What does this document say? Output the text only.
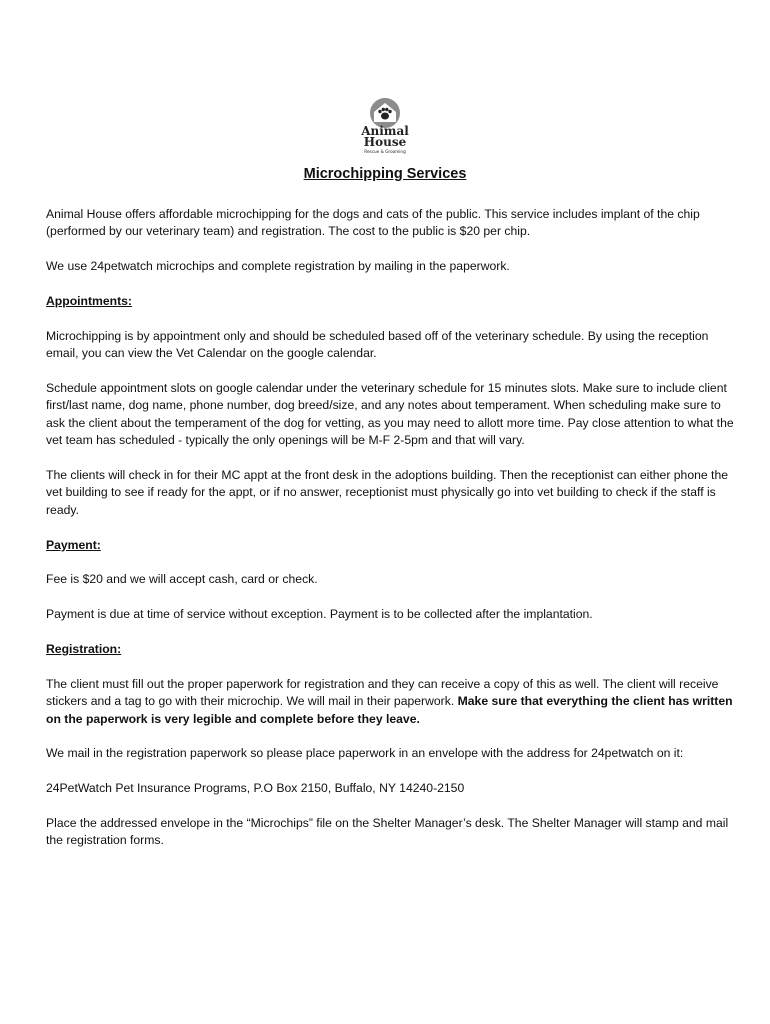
Animal
House
Rescue & Grooming
Microchipping Services

Animal House offers affordable microchipping for the dogs and cats of the public. This service includes implant of the chip (performed by our veterinary team) and registration. The cost to the public is $20 per chip.

We use 24petwatch microchips and complete registration by mailing in the paperwork.

Appointments:

Microchipping is by appointment only and should be scheduled based off of the veterinary schedule. By using the reception email, you can view the Vet Calendar on the google calendar.

Schedule appointment slots on google calendar under the veterinary schedule for 15 minutes slots. Make sure to include client first/last name, dog name, phone number, dog breed/size, and any notes about temperament. When scheduling make sure to ask the client about the temperament of the dog for vetting, as you may need to allott more time. Pay close attention to what the vet team has scheduled - typically the only openings will be M-F 2-5pm and that will vary.

The clients will check in for their MC appt at the front desk in the adoptions building. Then the receptionist can either phone the vet building to see if ready for the appt, or if no answer, receptionist must physically go into vet building to check if the staff is ready.

Payment:

Fee is $20 and we will accept cash, card or check.

Payment is due at time of service without exception. Payment is to be collected after the implantation.

Registration:

The client must fill out the proper paperwork for registration and they can receive a copy of this as well. The client will receive stickers and a tag to go with their microchip. We will mail in their paperwork. Make sure that everything the client has written on the paperwork is very legible and complete before they leave.

We mail in the registration paperwork so please place paperwork in an envelope with the address for 24petwatch on it:

24PetWatch Pet Insurance Programs, P.O Box 2150, Buffalo, NY 14240-2150

Place the addressed envelope in the “Microchips” file on the Shelter Manager’s desk. The Shelter Manager will stamp and mail the registration forms.
